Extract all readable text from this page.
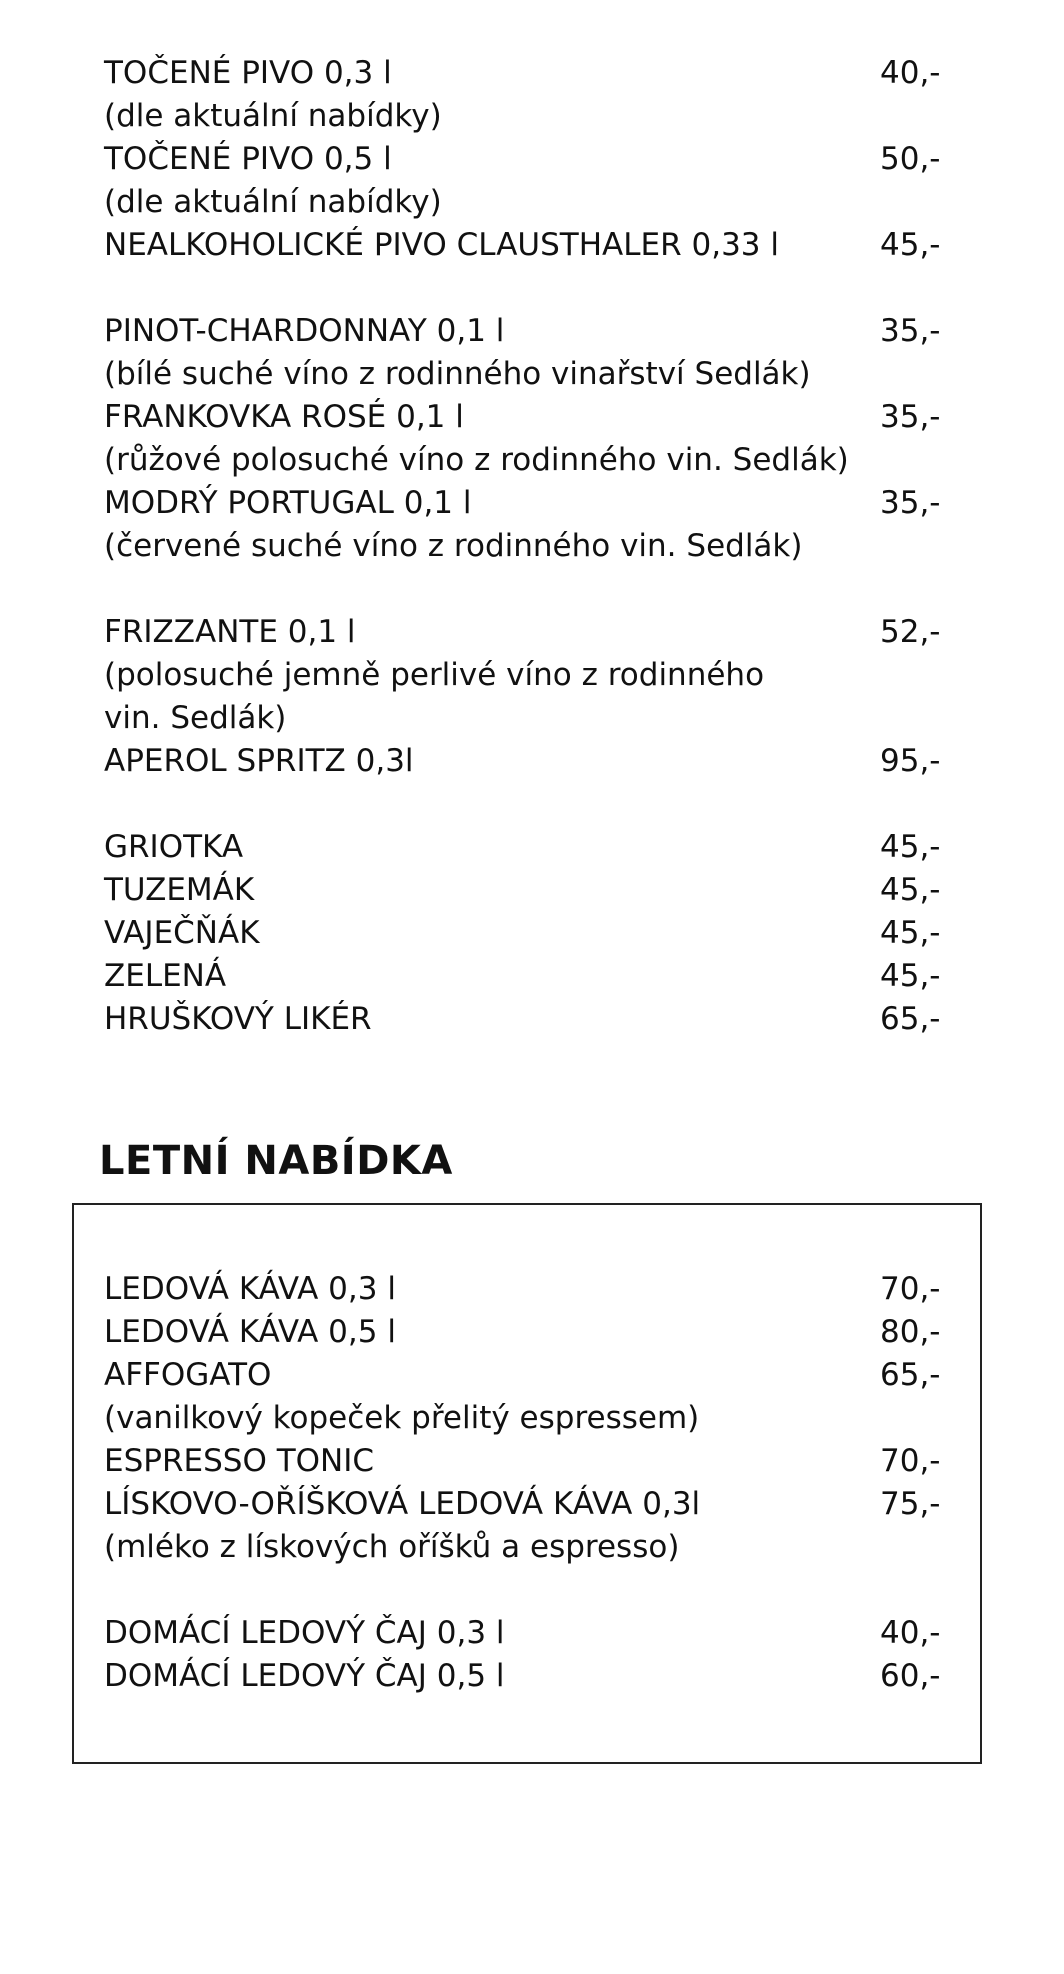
TOČENÉ PIVO 0,3 l	40,-
(dle aktuální nabídky)
TOČENÉ PIVO 0,5 l	50,-
(dle aktuální nabídky)
NEALKOHOLICKÉ PIVO CLAUSTHALER 0,33 l	45,-
PINOT-CHARDONNAY 0,1 l	35,-
(bílé suché víno z rodinného vinařství Sedlák)
FRANKOVKA ROSÉ 0,1 l	35,-
(růžové polosuché víno z rodinného vin. Sedlák)
MODRÝ PORTUGAL 0,1 l	35,-
(červené suché víno z rodinného vin. Sedlák)
FRIZZANTE 0,1 l	52,-
(polosuché jemně perlivé víno z rodinného
vin. Sedlák)
APEROL SPRITZ 0,3l	95,-
GRIOTKA	45,-
TUZEMÁK	45,-
VAJEČŇÁK	45,-
ZELENÁ	45,-
HRUŠKOVÝ LIKÉR	65,-
LETNÍ NABÍDKA
LEDOVÁ KÁVA 0,3 l	70,-
LEDOVÁ KÁVA 0,5 l	80,-
AFFOGATO	65,-
(vanilkový kopeček přelitý espressem)
ESPRESSO TONIC	70,-
LÍSKOVO-OŘÍŠKOVÁ LEDOVÁ KÁVA 0,3l	75,-
(mléko z lískových oříšků a espresso)
DOMÁCÍ LEDOVÝ ČAJ 0,3 l	40,-
DOMÁCÍ LEDOVÝ ČAJ 0,5 l	60,-
